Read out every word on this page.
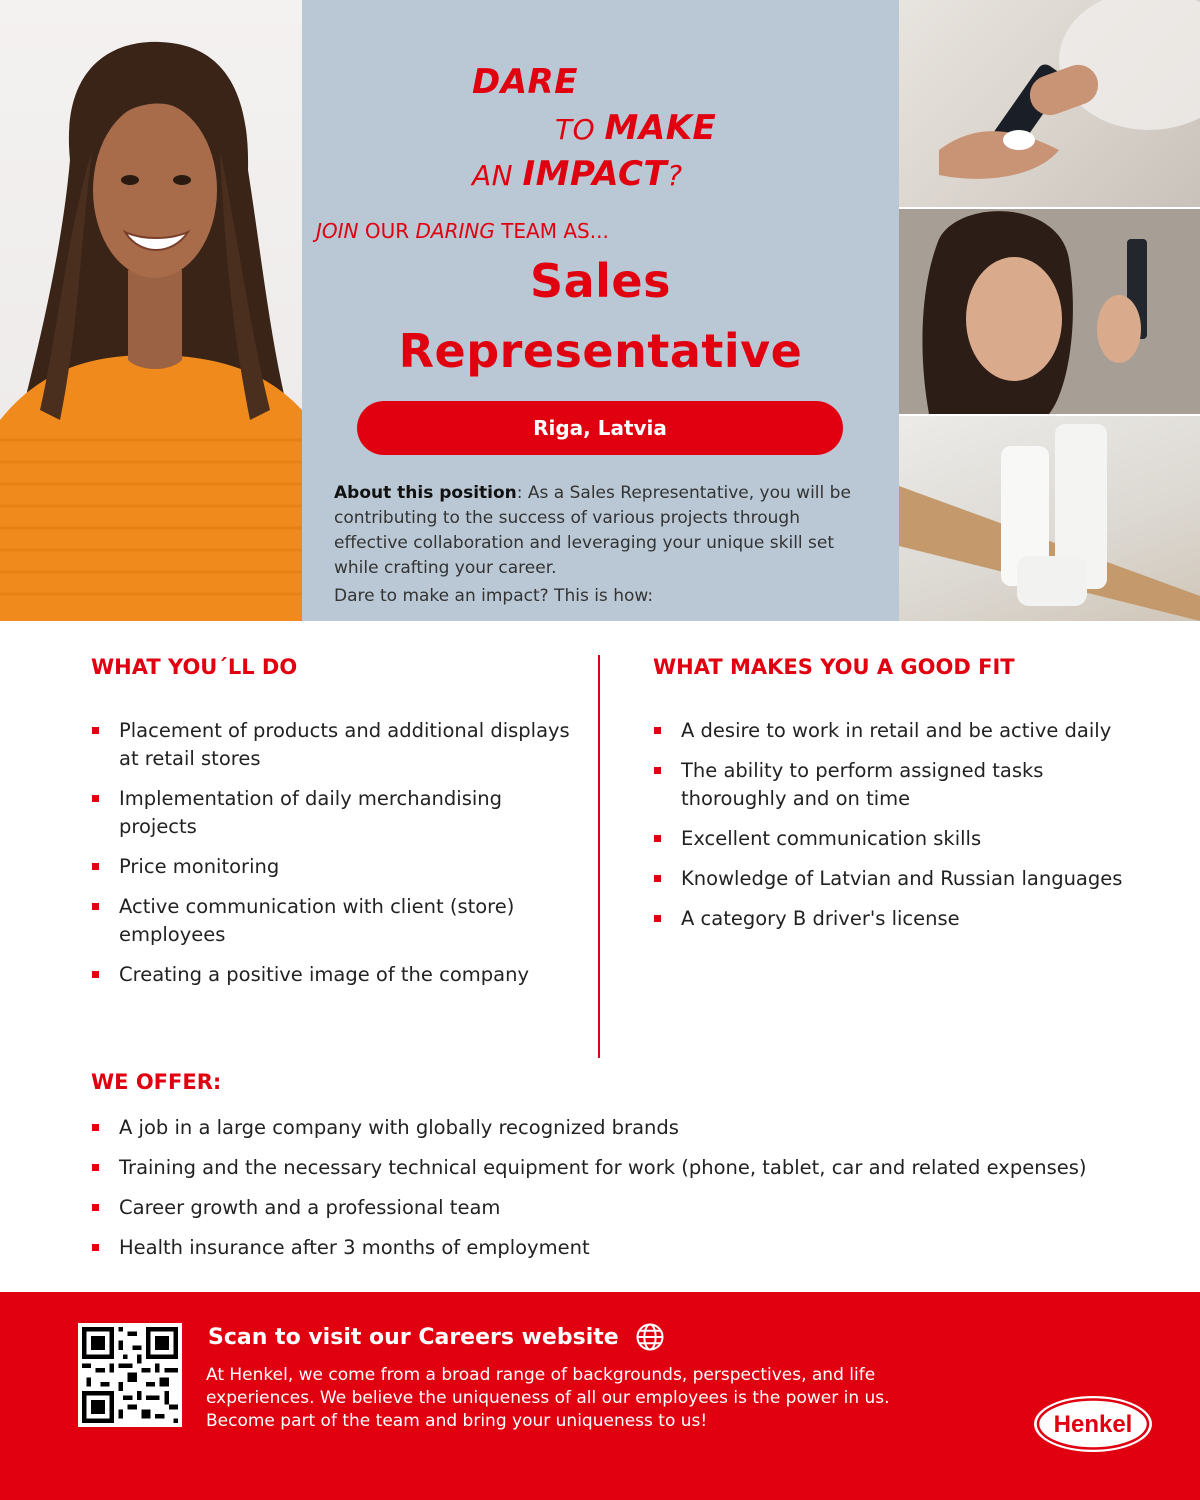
DARE
TO MAKE
AN IMPACT?
JOIN OUR DARING TEAM AS...
Sales
Representative
Riga, Latvia
About this position: As a Sales Representative, you will be contributing to the success of various projects through effective collaboration and leveraging your unique skill set while crafting your career.
Dare to make an impact? This is how:
WHAT YOU´LL DO
Placement of products and additional displays at retail stores
Implementation of daily merchandising projects
Price monitoring
Active communication with client (store) employees
Creating a positive image of the company
WHAT MAKES YOU A GOOD FIT
A desire to work in retail and be active daily
The ability to perform assigned tasks thoroughly and on time
Excellent communication skills
Knowledge of Latvian and Russian languages
A category B driver's license
WE OFFER:
A job in a large company with globally recognized brands
Training and the necessary technical equipment for work (phone, tablet, car and related expenses)
Career growth and a professional team
Health insurance after 3 months of employment
Scan to visit our Careers website
At Henkel, we come from a broad range of backgrounds, perspectives, and life experiences. We believe the uniqueness of all our employees is the power in us. Become part of the team and bring your uniqueness to us!	Henkel
